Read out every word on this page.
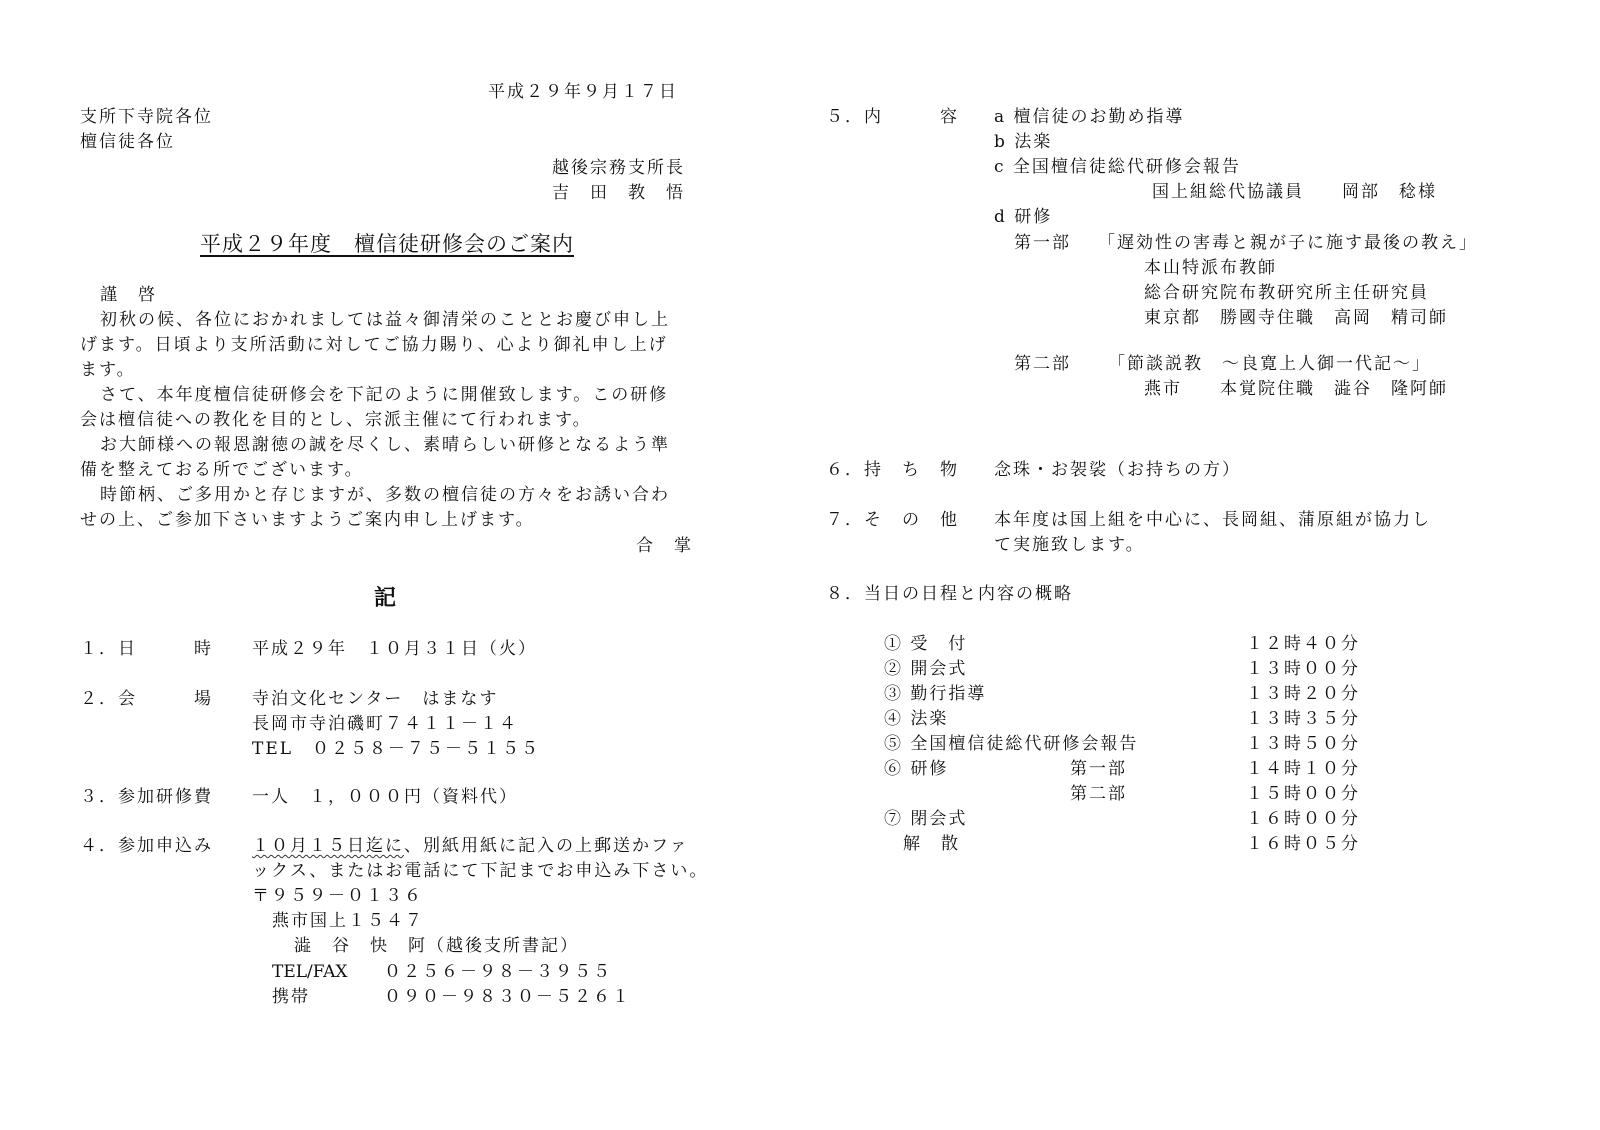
平成２９年９月１７日
支所下寺院各位
檀信徒各位
越後宗務支所長
吉　田　教　悟
平成２９年度　檀信徒研修会のご案内
謹　啓
初秋の候、各位におかれましては益々御清栄のこととお慶び申し上
げます。日頃より支所活動に対してご協力賜り、心より御礼申し上げ
ます。
さて、本年度檀信徒研修会を下記のように開催致します。この研修
会は檀信徒への教化を目的とし、宗派主催にて行われます。
お大師様への報恩謝徳の誠を尽くし、素晴らしい研修となるよう準
備を整えておる所でございます。
時節柄、ご多用かと存じますが、多数の檀信徒の方々をお誘い合わ
せの上、ご参加下さいますようご案内申し上げます。
合　掌
記
１．日　　　時 平成２９年　１０月３１日（火）
２．会　　　場 寺泊文化センター　はまなす
長岡市寺泊磯町７４１１－１４
TEL　０２５８－７５－５１５５
３．参加研修費 一人　１，０００円（資料代）
４．参加申込み １０月１５日迄に、別紙用紙に記入の上郵送かファ
ックス、またはお電話にて下記までお申込み下さい。
〒９５９－０１３６
燕市国上１５４７
澁　谷　快　阿（越後支所書記）
TEL/FAX ０２５６－９８－３９５５
携帯	０９０－９８３０－５２６１
５．内　　　容 a 檀信徒のお勤め指導
b 法楽
c 全国檀信徒総代研修会報告
国上組総代協議員　　岡部　稔様
d 研修
第一部 「遅効性の害毒と親が子に施す最後の教え」
本山特派布教師
総合研究院布教研究所主任研究員
東京都　勝國寺住職　高岡　精司師
第二部 「節談説教　～良寛上人御一代記～」
燕市　　本覚院住職　澁谷　隆阿師
６．持　ち　物 念珠・お袈裟（お持ちの方）
７．そ　の　他 本年度は国上組を中心に、長岡組、蒲原組が協力し
て実施致します。
８．当日の日程と内容の概略
① 受　付	１２時４０分
② 開会式	１３時００分
③ 勤行指導	１３時２０分
④ 法楽	１３時３５分
⑤ 全国檀信徒総代研修会報告	１３時５０分
⑥ 研修	第一部	１４時１０分
第二部	１５時００分
⑦ 閉会式	１６時００分
　解　散	１６時０５分
